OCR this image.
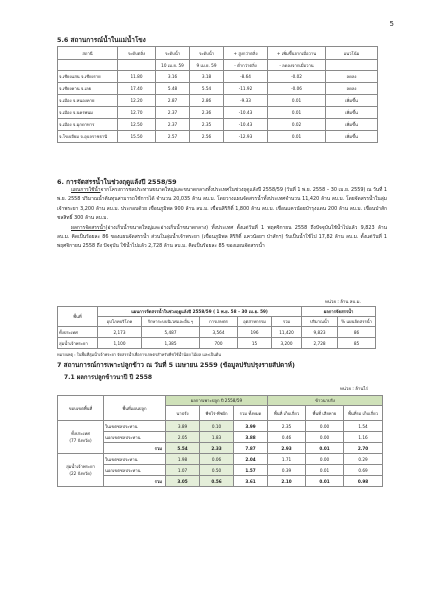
5
5.6 สถานการณ์น้ำในแม่น้ำโขง
สถานี	ระดับตลิ่ง	ระดับน้ำ	ระดับน้ำ	+ สูงกว่าตลิ่ง	+ เพิ่มขึ้นจากเมื่อวาน	แนวโน้ม
		10 เม.ย. 59	9 เม.ย. 59	- ต่ำกว่าตลิ่ง	- ลดลงจากเมื่อวาน	
จ.เชียงแสน จ.เชียงราย	11.80	3.16	3.18	-8.64	-0.02	ลดลง
จ.เชียงคาน จ.เลย	17.40	5.48	5.54	-11.92	-0.06	ลดลง
จ.เมือง จ.หนองคาย	12.20	2.87	2.86	-9.33	0.01	เพิ่มขึ้น
จ.เมือง จ.นครพนม	12.70	2.37	2.36	-10.43	0.01	เพิ่มขึ้น
จ.เมือง จ.มุกดาหาร	12.50	2.37	2.35	-10.43	0.02	เพิ่มขึ้น
จ.โขงเจียม จ.อุบลราชธานี	15.50	2.57	2.56	-12.93	0.01	เพิ่มขึ้น
6. การจัดสรรน้ำในช่วงฤดูแล้งปี 2558/59

แผนการใช้น้ำจากโครงการชลประทานขนาดใหญ่และขนาดกลางทั้งประเทศในช่วงฤดูแล้งปี 2558/59 (วันที่ 1 พ.ย. 2558 – 30 เม.ย. 2559) ณ วันที่ 1 พ.ย. 2558 ปริมาณน้ำต้นทุนสามารถใช้การได้ จำนวน 20,035 ล้าน ลบ.ม. โดยวางแผนจัดสรรน้ำทั้งประเทศจำนวน 11,420 ล้าน ลบ.ม. โดยจัดสรรน้ำในลุ่มเจ้าพระยา 3,200 ล้าน ลบ.ม. ประกอบด้วย เขื่อนภูมิพล 900 ล้าน ลบ.ม. เขื่อนสิริกิติ์ 1,800 ล้าน ลบ.ม. เขื่อนแควน้อยบำรุงแดน 200 ล้าน ลบ.ม. เขื่อนป่าสักชลสิทธิ์ 300 ล้าน ลบ.ม.

ผลการจัดสรรน้ำ(อ่างเก็บน้ำขนาดใหญ่และอ่างเก็บน้ำขนาดกลาง) ทั้งประเทศ ตั้งแต่วันที่ 1 พฤศจิกายน 2558 ถึงปัจจุบันใช้น้ำไปแล้ว 9,823 ล้าน ลบ.ม. คิดเป็นร้อยละ 86 ของแผนจัดสรรน้ำ ส่วนในลุ่มน้ำเจ้าพระยา (เขื่อนภูมิพล สิริกิติ์ แควน้อยฯ ป่าสักฯ) รับเป็นน้ำใช้ไป 17,82 ล้าน ลบ.ม. ตั้งแต่วันที่ 1 พฤศจิกายน 2558 ถึง ปัจจุบัน ใช้น้ำไปแล้ว 2,728 ล้าน ลบ.ม. คิดเป็นร้อยละ 85 ของแผนจัดสรรน้ำ

หน่วย : ล้าน ลบ.ม.
พื้นที่	แผนการจัดสรรน้ำในช่วงฤดูแล้งปี 2558/59 ( 1 พ.ย. 58 – 30 เม.ย. 59)					ผลการจัดสรรน้ำ	
	อุปโภคบริโภค	รักษาระบบนิเวศและอื่น ๆ	การเกษตร	อุตสาหกรรม	รวม	ปริมาณน้ำ	% แผนจัดสรรน้ำ
ทั้งประเทศ	2,173	5,487	3,564	196	11,420	9,823	86
ลุ่มน้ำเจ้าพระยา	1,100	1,385	700	15	3,200	2,728	85
หมายเหตุ : ในพื้นที่ลุ่มน้ำเจ้าพระยา จัดสรรน้ำเพื่อการเกษตรสำหรับพืชใช้น้ำน้อย ไม้ผล และเป็นต้น
7 สถานการณ์การเพาะปลูกข้าว ณ วันที่ 5 เมษายน 2559 (ข้อมูลปรับปรุงรายสัปดาห์)
7.1 ผลการปลูกข้าวนาปี ปี 2558
หน่วย : ล้านไร่
ขอบเขตพื้นที่	พื้นที่แผนปลูก	ผลการเพาะปลูก ปี 2558/59			ข้าวนาปรัง		
		นาปรัง	พืชไร่-พืชผัก	รวม ทั้งหมด	พื้นที่ เก็บเกี่ยว	พื้นที่ เสียหาย	พื้นที่รอ เก็บเกี่ยว

ทั้งประเทศ
(77 จังหวัด)	ในเขตชลประทาน	3.89	0.10	3.99	2.35	0.00	1.54
	นอกเขตชลประทาน	2.05	1.83	3.88	0.46	0.00	1.16
	รวม	5.54	2.33	7.87	2.93	0.01	2.70

ลุ่มน้ำเจ้าพระยา
(22 จังหวัด)	ในเขตชลประทาน	1.98	0.06	2.04	1.71	0.00	0.29
	นอกเขตชลประทาน	1.07	0.50	1.57	0.39	0.01	0.69
	รวม	3.05	0.56	3.61	2.10	0.01	0.98
